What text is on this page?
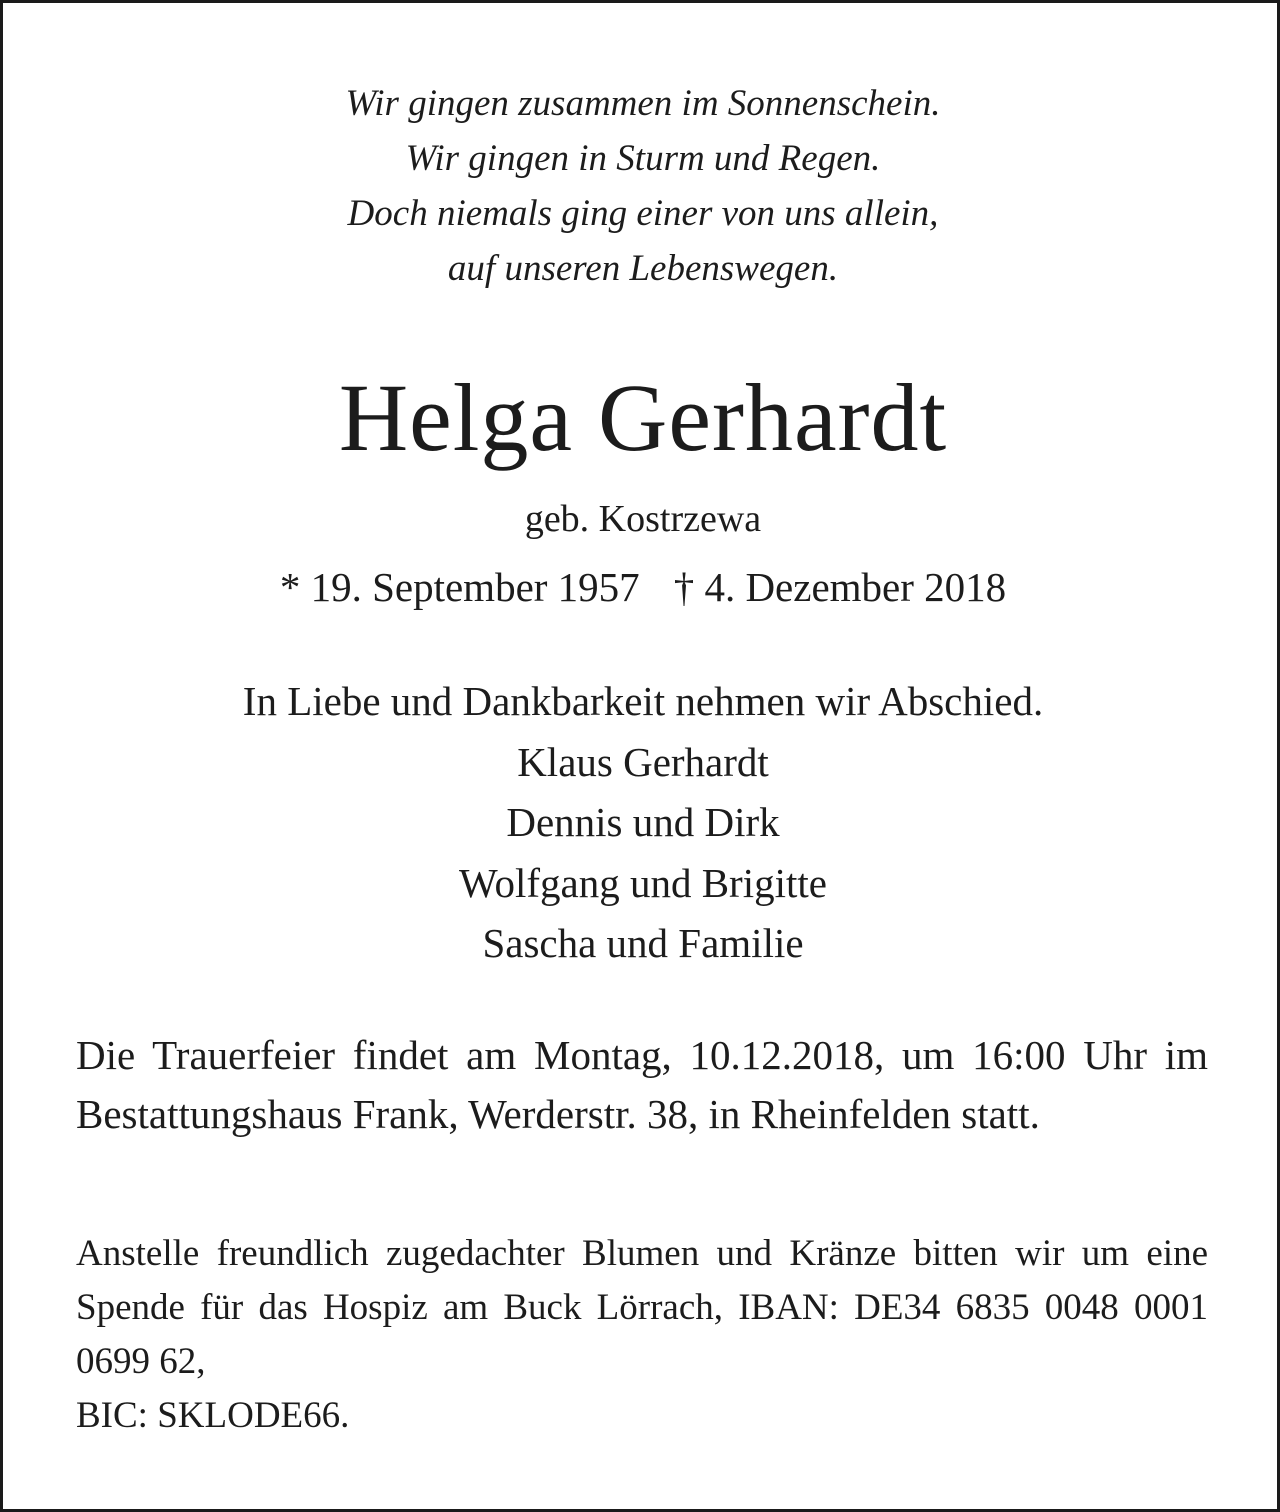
Wir gingen zusammen im Sonnenschein.
Wir gingen in Sturm und Regen.
Doch niemals ging einer von uns allein,
auf unseren Lebenswegen.
Helga Gerhardt
geb. Kostrzewa
* 19. September 1957 † 4. Dezember 2018
In Liebe und Dankbarkeit nehmen wir Abschied.
Klaus Gerhardt
Dennis und Dirk
Wolfgang und Brigitte
Sascha und Familie
Die Trauerfeier findet am Montag, 10.12.2018, um 16:00 Uhr im Bestattungshaus Frank, Werderstr. 38, in Rheinfelden statt.
Anstelle freundlich zugedachter Blumen und Kränze bitten wir um eine Spende für das Hospiz am Buck Lörrach, IBAN: DE34 6835 0048 0001 0699 62,
BIC: SKLODE66.
